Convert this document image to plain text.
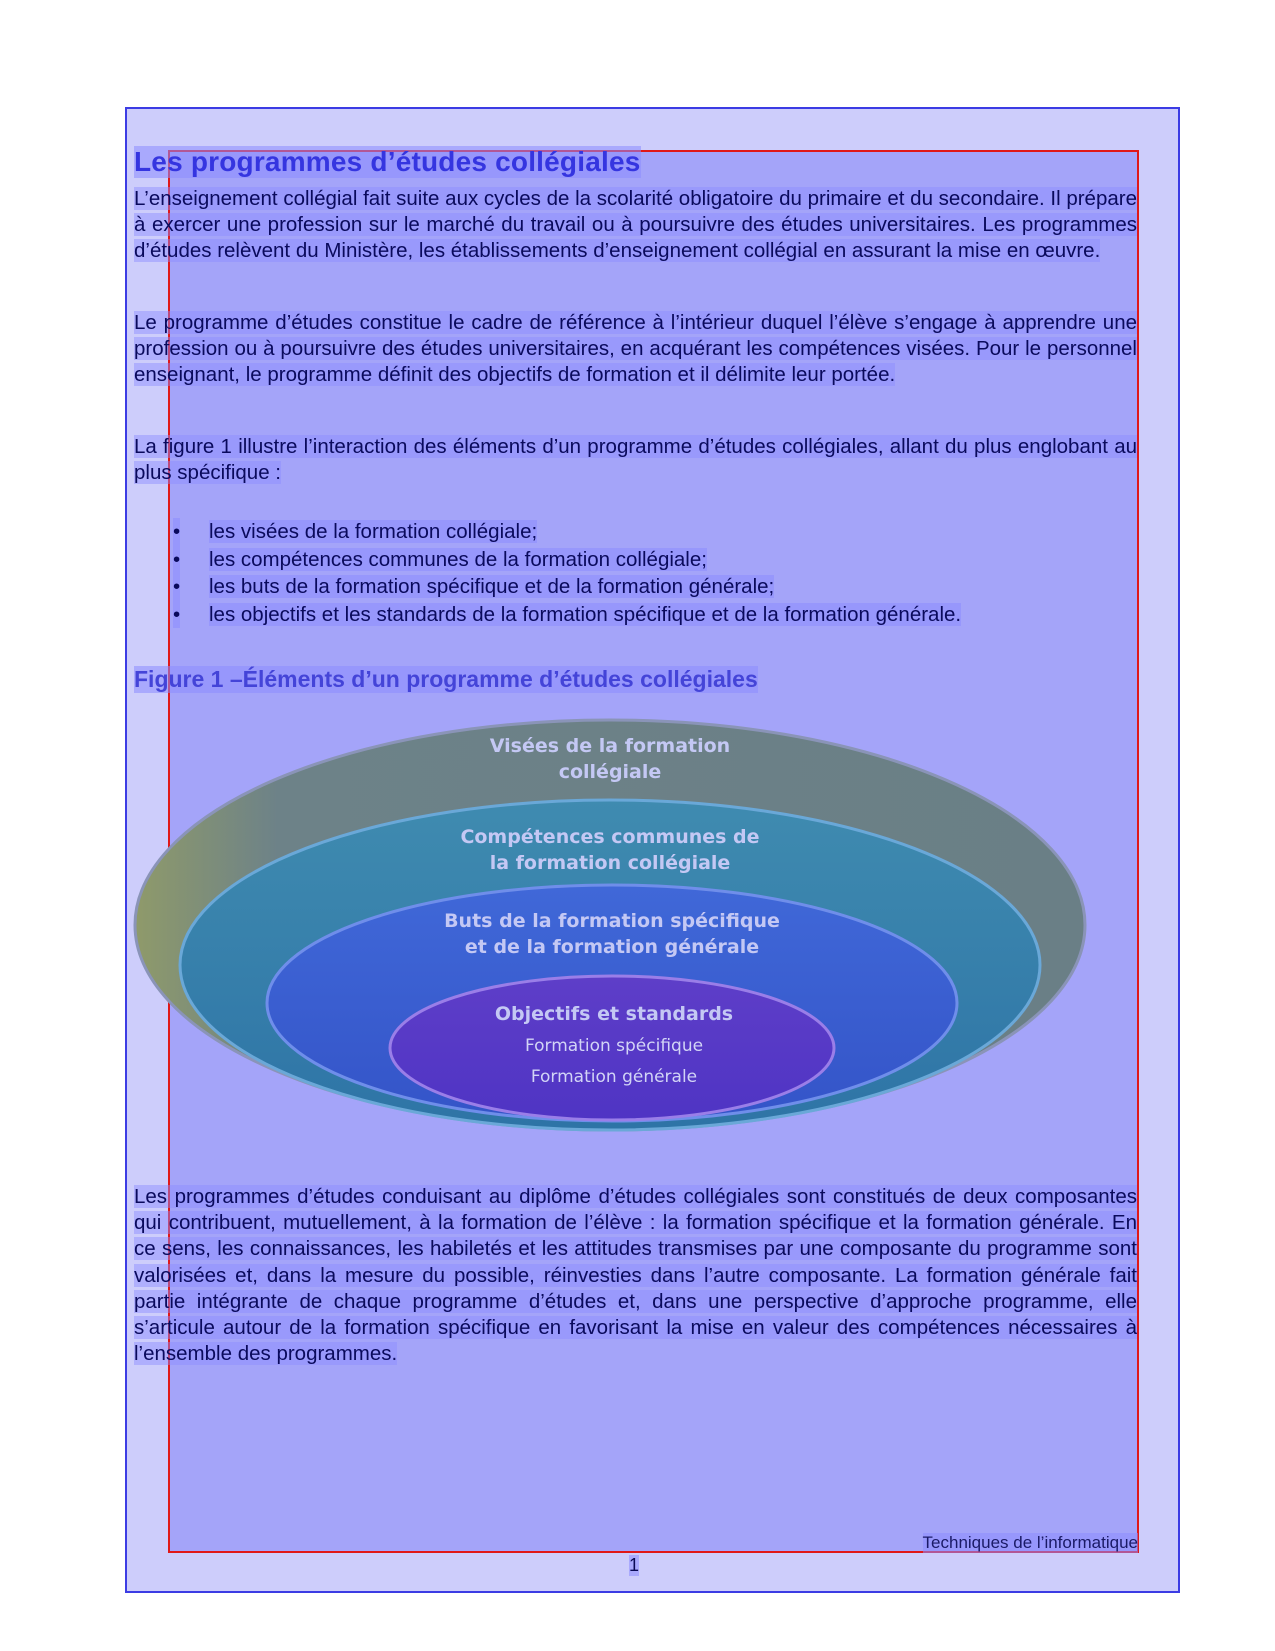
Les programmes d’études collégiales

L’enseignement collégial fait suite aux cycles de la scolarité obligatoire du primaire et du secondaire. Il prépare à exercer une profession sur le marché du travail ou à poursuivre des études universitaires. Les programmes d’études relèvent du Ministère, les établissements d’enseignement collégial en assurant la mise en œuvre.

Le programme d’études constitue le cadre de référence à l’intérieur duquel l’élève s’engage à apprendre une profession ou à poursuivre des études universitaires, en acquérant les compétences visées. Pour le personnel enseignant, le programme définit des objectifs de formation et il délimite leur portée.

La figure 1 illustre l’interaction des éléments d’un programme d’études collégiales, allant du plus englobant au plus spécifique :

• les visées de la formation collégiale;
• les compétences communes de la formation collégiale;
• les buts de la formation spécifique et de la formation générale;
• les objectifs et les standards de la formation spécifique et de la formation générale.
Figure 1 –Éléments d’un programme d’études collégiales
Visées de la formation
collégiale
Compétences communes de
la formation collégiale
Buts de la formation spécifique
et de la formation générale
Objectifs et standards
Formation spécifique
Formation générale

Les programmes d’études conduisant au diplôme d’études collégiales sont constitués de deux composantes qui contribuent, mutuellement, à la formation de l’élève : la formation spécifique et la formation générale. En ce sens, les connaissances, les habiletés et les attitudes transmises par une composante du programme sont valorisées et, dans la mesure du possible, réinvesties dans l’autre composante. La formation générale fait partie intégrante de chaque programme d’études et, dans une perspective d’approche programme, elle s’articule autour de la formation spécifique en favorisant la mise en valeur des compétences nécessaires à l’ensemble des programmes.

Techniques de l’informatique
1
